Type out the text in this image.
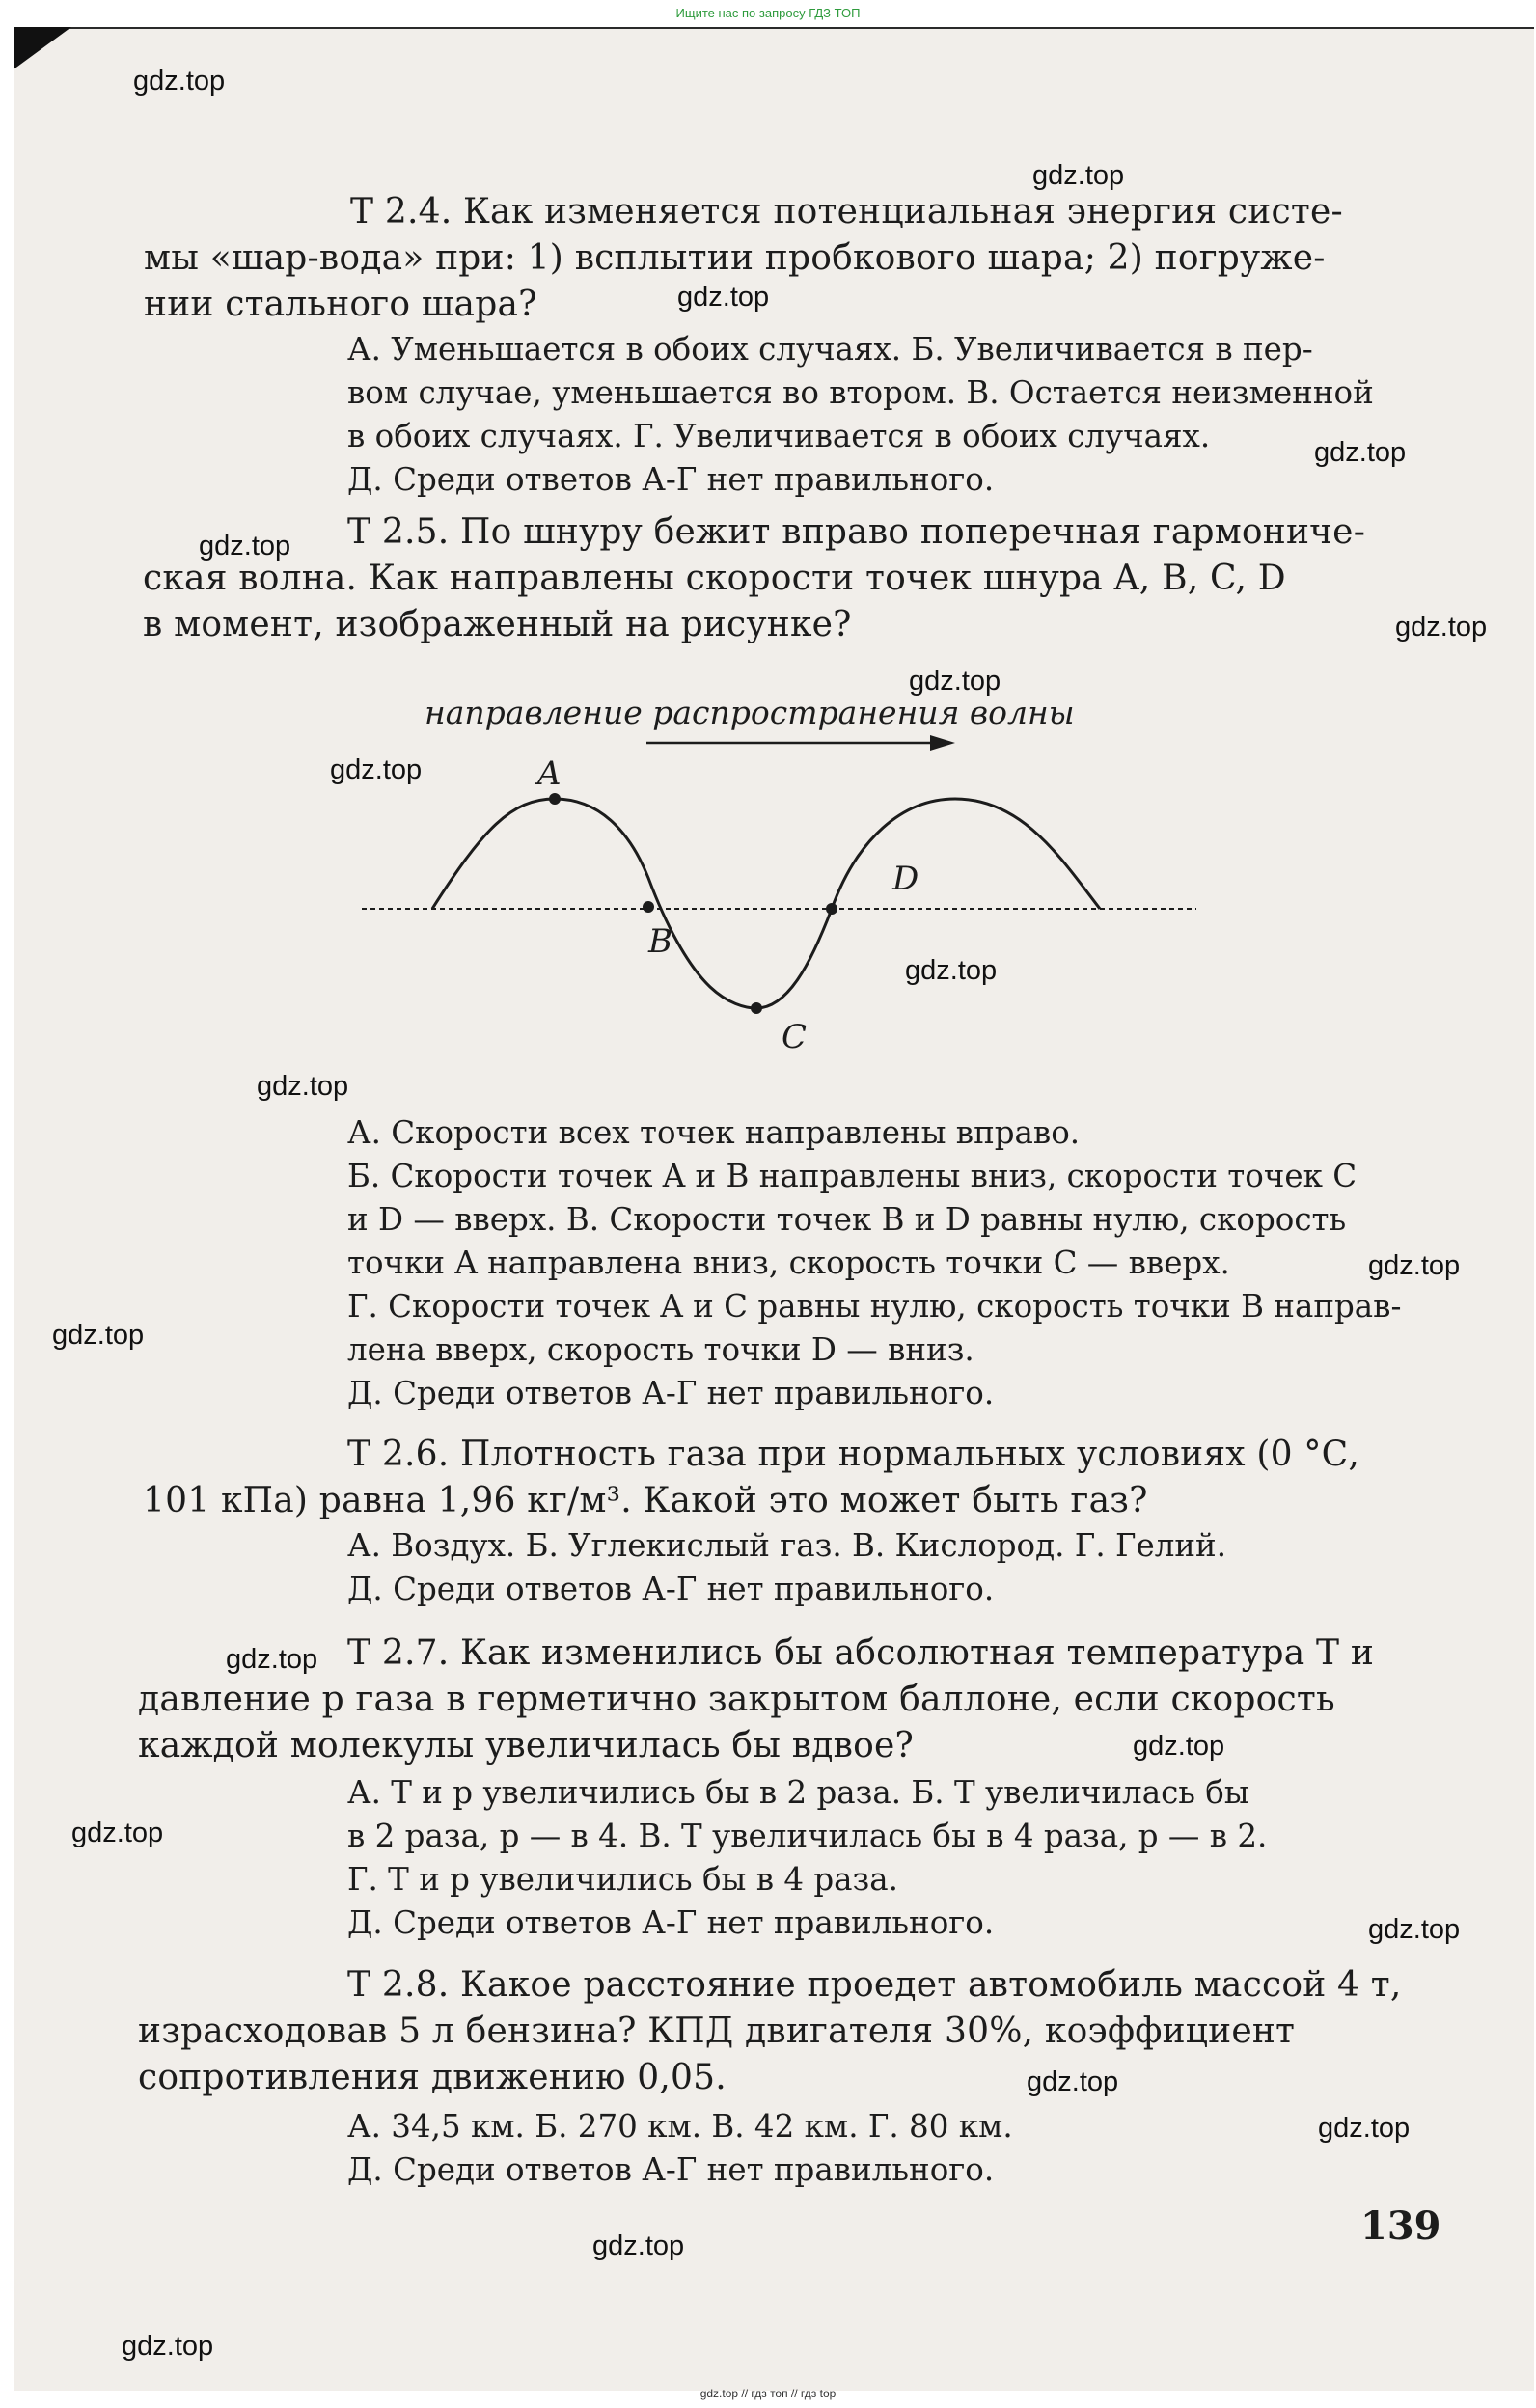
Ищите нас по запросу ГДЗ ТОП
Т 2.4. Как изменяется потенциальная энергия систе-
мы «шар-вода» при: 1) всплытии пробкового шара; 2) погруже-
нии стального шара?
А. Уменьшается в обоих случаях. Б. Увеличивается в пер-
вом случае, уменьшается во втором. В. Остается неизменной
в обоих случаях. Г. Увеличивается в обоих случаях.
Д. Среди ответов А-Г нет правильного.
Т 2.5. По шнуру бежит вправо поперечная гармониче-
ская волна. Как направлены скорости точек шнура A, B, C, D
в момент, изображенный на рисунке?
направление распространения волны
A
B
C
D
А. Скорости всех точек направлены вправо.
Б. Скорости точек A и B направлены вниз, скорости точек C
и D — вверх. В. Скорости точек B и D равны нулю, скорость
точки A направлена вниз, скорость точки C — вверх.
Г. Скорости точек A и C равны нулю, скорость точки B направ-
лена вверх, скорость точки D — вниз.
Д. Среди ответов А-Г нет правильного.
Т 2.6. Плотность газа при нормальных условиях (0 °С,
101 кПа) равна 1,96 кг/м³. Какой это может быть газ?
А. Воздух. Б. Углекислый газ. В. Кислород. Г. Гелий.
Д. Среди ответов А-Г нет правильного.
Т 2.7. Как изменились бы абсолютная температура T и
давление p газа в герметично закрытом баллоне, если скорость
каждой молекулы увеличилась бы вдвое?
А. T и p увеличились бы в 2 раза. Б. T увеличилась бы
в 2 раза, p — в 4. В. T увеличилась бы в 4 раза, p — в 2.
Г. T и p увеличились бы в 4 раза.
Д. Среди ответов А-Г нет правильного.
Т 2.8. Какое расстояние проедет автомобиль массой 4 т,
израсходовав 5 л бензина? КПД двигателя 30%, коэффициент
сопротивления движению 0,05.
А. 34,5 км. Б. 270 км. В. 42 км. Г. 80 км.
Д. Среди ответов А-Г нет правильного.
139
gdz.top
gdz.top
gdz.top
gdz.top
gdz.top
gdz.top
gdz.top
gdz.top
gdz.top
gdz.top
gdz.top
gdz.top
gdz.top
gdz.top
gdz.top
gdz.top
gdz.top
gdz.top
gdz.top
gdz.top
gdz.top // гдз топ // гдз top
